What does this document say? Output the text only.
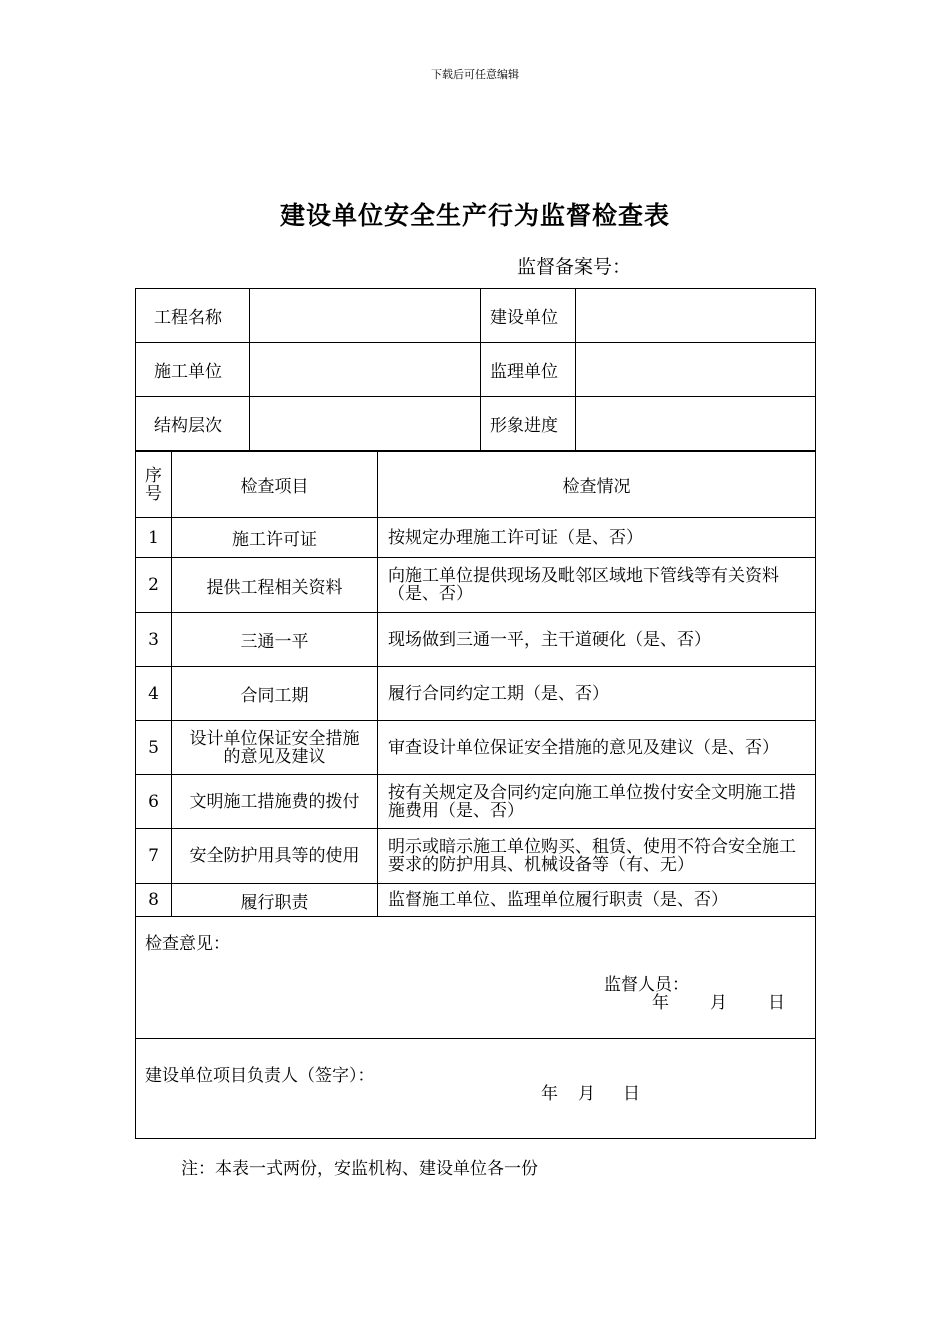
下载后可任意编辑
建设单位安全生产行为监督检查表
监督备案号：
工程名称		建设单位	
施工单位		监理单位	
结构层次		形象进度	
序号	检查项目	检查情况
1	施工许可证	按规定办理施工许可证（是、否）
2	提供工程相关资料	向施工单位提供现场及毗邻区域地下管线等有关资料（是、否）
3	三通一平	现场做到三通一平，主干道硬化（是、否）
4	合同工期	履行合同约定工期（是、否）
5	设计单位保证安全措施的意见及建议	审查设计单位保证安全措施的意见及建议（是、否）
6	文明施工措施费的拨付	按有关规定及合同约定向施工单位拨付安全文明施工措施费用（是、否）
7	安全防护用具等的使用	明示或暗示施工单位购买、租赁、使用不符合安全施工要求的防护用具、机械设备等（有、无）
8	履行职责	监督施工单位、监理单位履行职责（是、否）

检查意见：
监督人员：
年 月 日		

建设单位项目负责人（签字）：
年 月 日		
注：本表一式两份，安监机构、建设单位各一份
